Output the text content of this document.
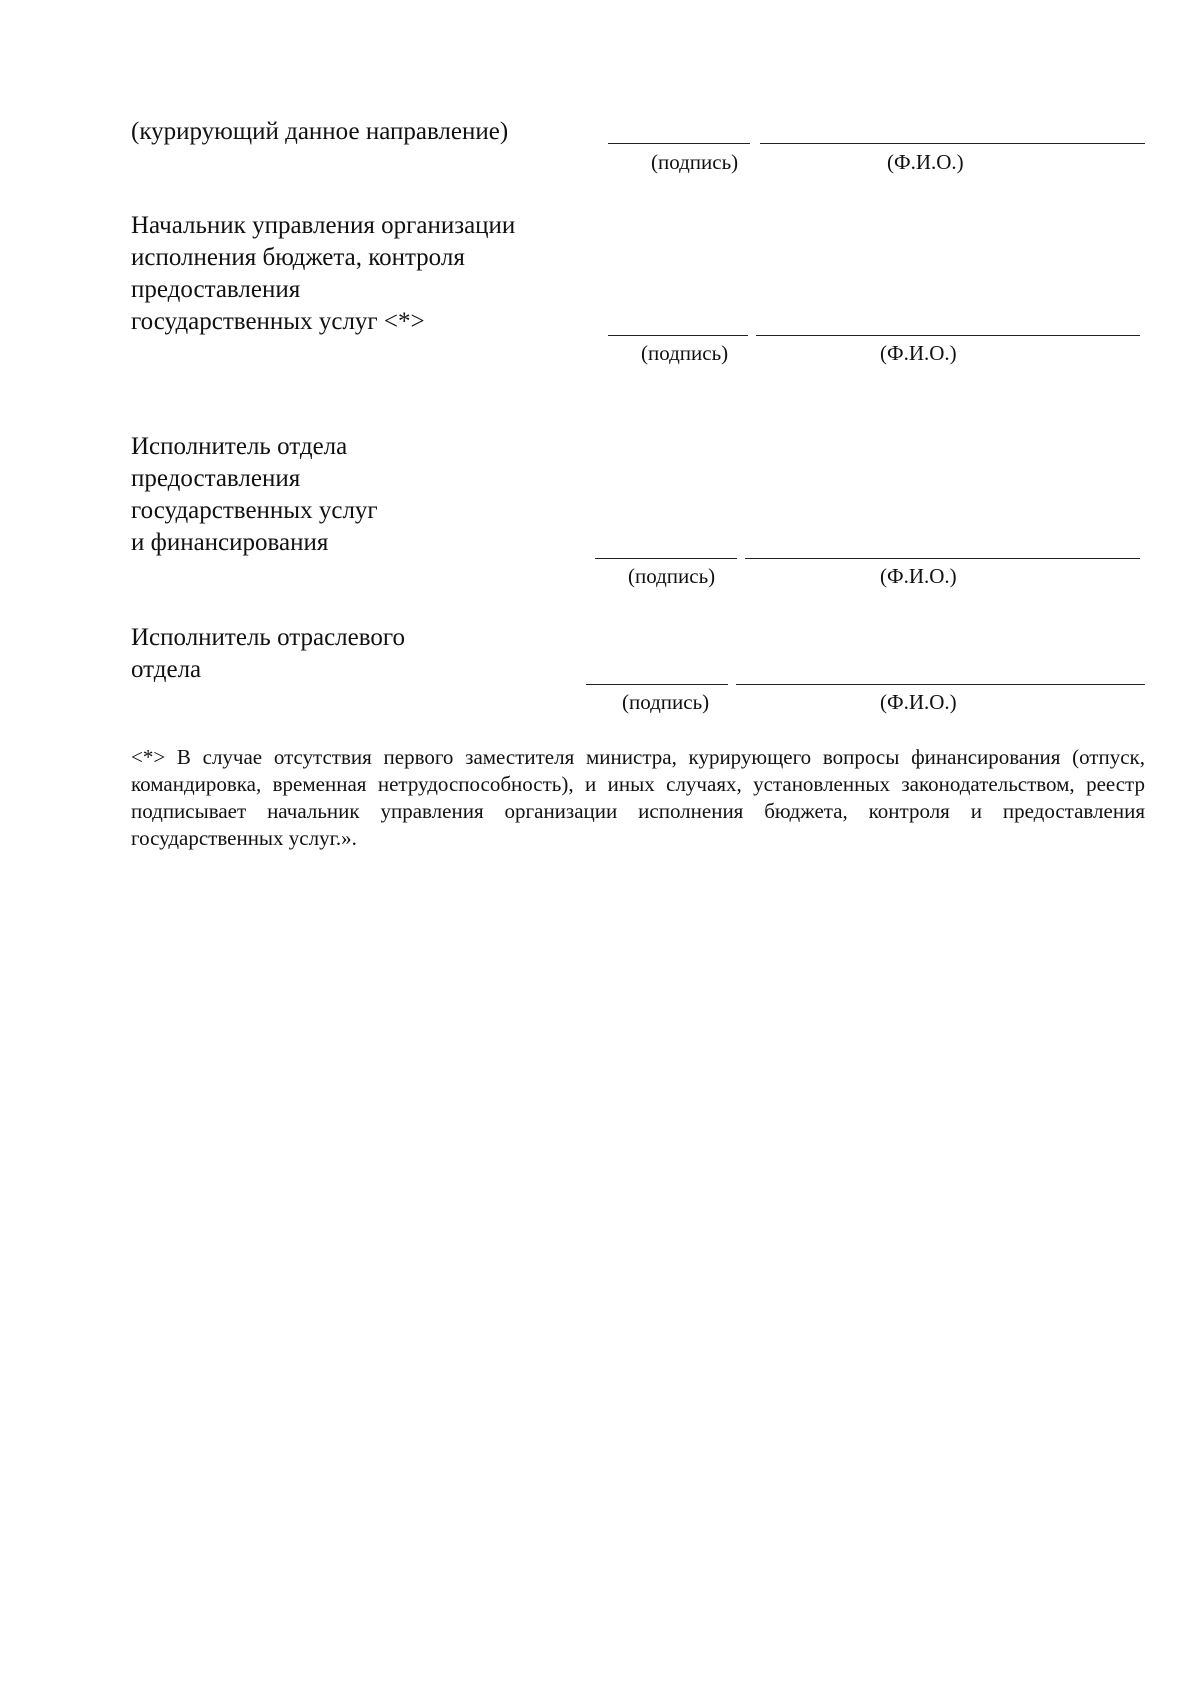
(курирующий данное направление)
(подпись)	(Ф.И.О.)
Начальник управления организации
исполнения бюджета, контроля
предоставления
государственных услуг <*>
(подпись)	(Ф.И.О.)
Исполнитель отдела
предоставления
государственных услуг
и финансирования
(подпись)	(Ф.И.О.)
Исполнитель отраслевого
отдела
(подпись)	(Ф.И.О.)

<*> В случае отсутствия первого заместителя министра, курирующего вопросы финансирования (отпуск, командировка, временная нетрудоспособность), и иных случаях, установленных законодательством, реестр подписывает начальник управления организации исполнения бюджета, контроля и предоставления государственных услуг.».
